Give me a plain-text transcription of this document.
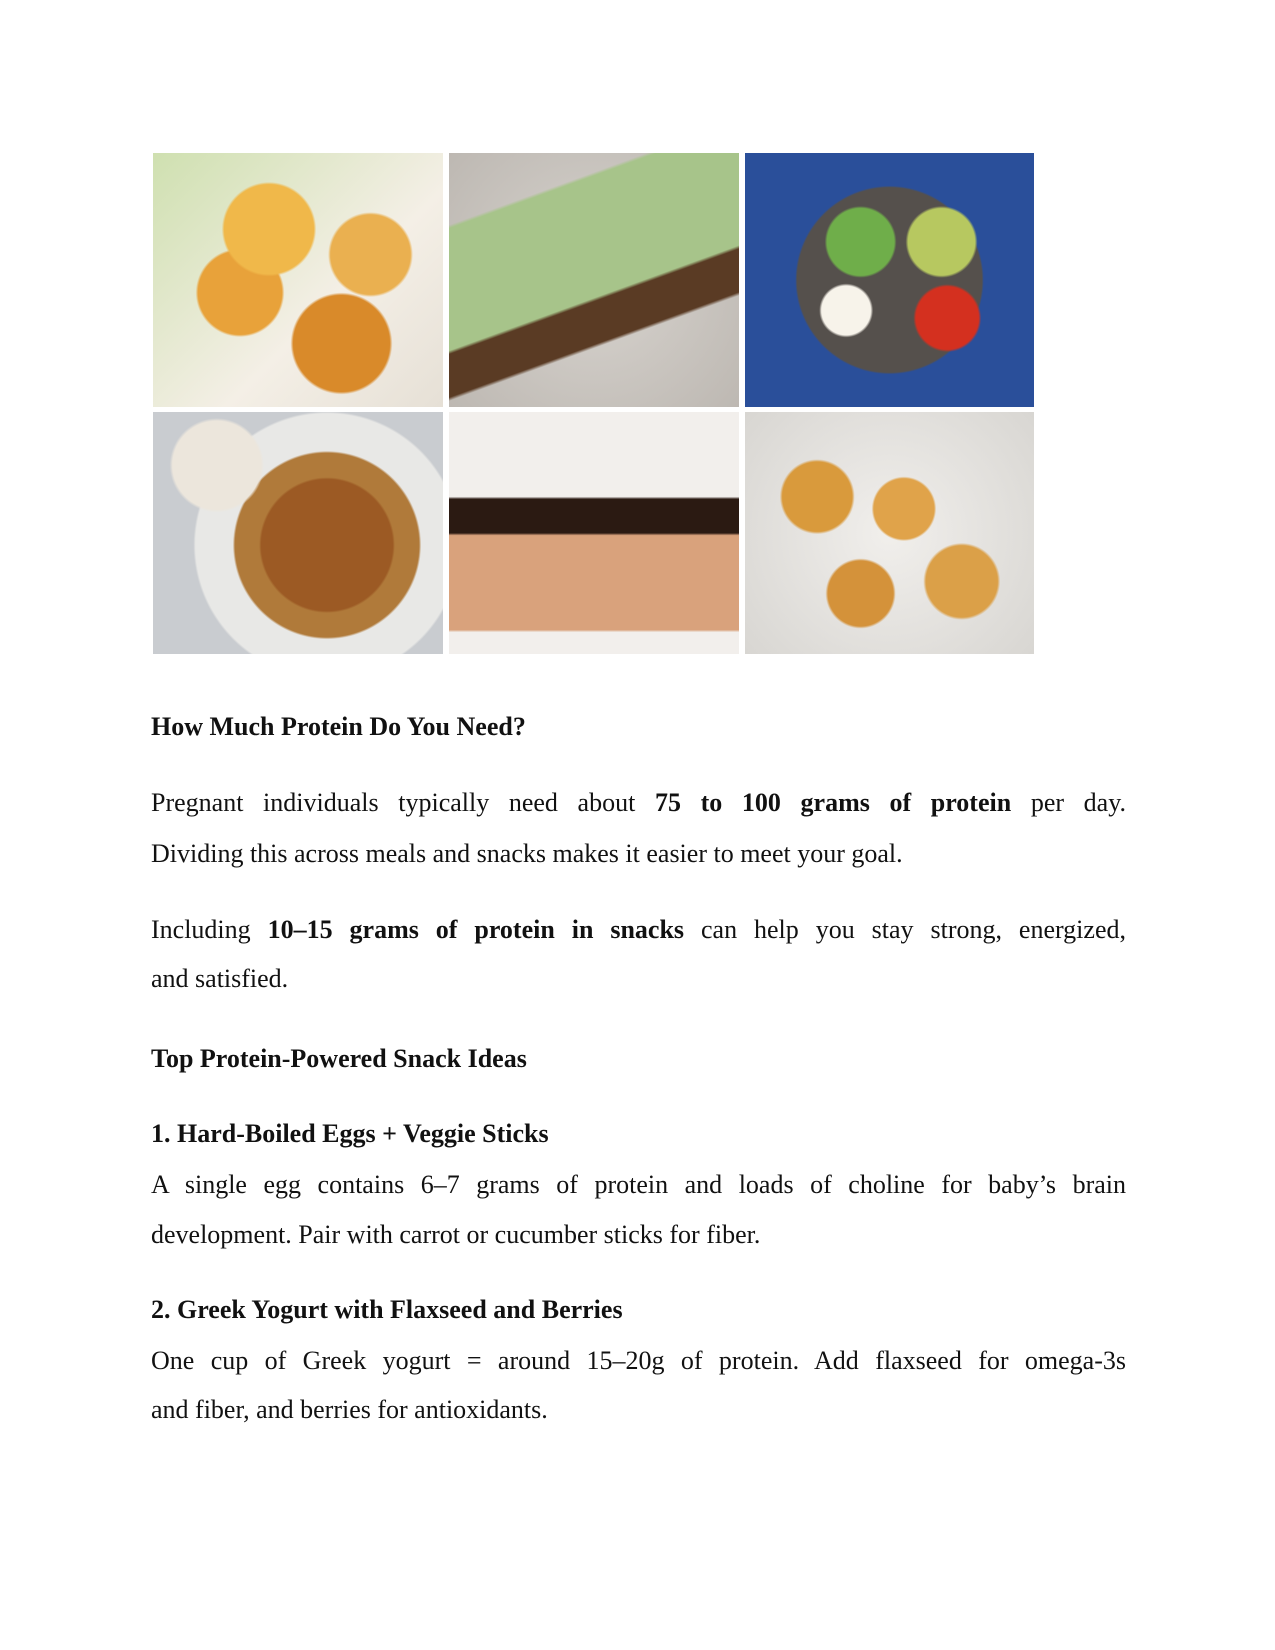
How Much Protein Do You Need?
Pregnant individuals typically need about 75 to 100 grams of protein per day.
Dividing this across meals and snacks makes it easier to meet your goal.
Including 10–15 grams of protein in snacks can help you stay strong, energized,
and satisfied.
Top Protein-Powered Snack Ideas
1. Hard-Boiled Eggs + Veggie Sticks
A single egg contains 6–7 grams of protein and loads of choline for baby’s brain
development. Pair with carrot or cucumber sticks for fiber.
2. Greek Yogurt with Flaxseed and Berries
One cup of Greek yogurt = around 15–20g of protein. Add flaxseed for omega-3s
and fiber, and berries for antioxidants.
